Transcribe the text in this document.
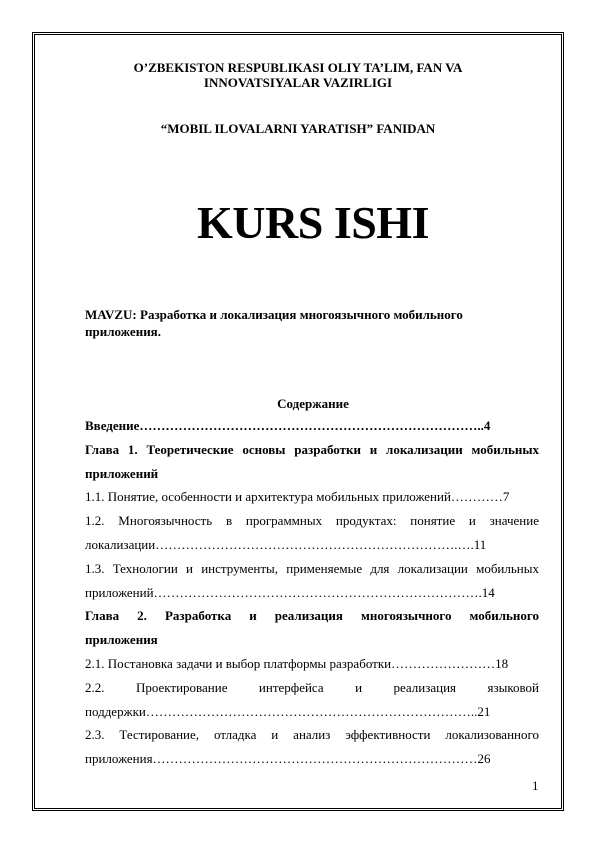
O’ZBEKISTON RESPUBLIKASI OLIY TA’LIM, FAN VA
INNOVATSIYALAR VAZIRLIGI
“MOBIL ILOVALARNI YARATISH” FANIDAN
KURS ISHI
MAVZU: Разработка и локализация многоязычного мобильного
приложения.
Содержание
Введение……………………………………………………………………..4
Глава 1. Теоретические основы разработки и локализации мобильных
приложений
1.1. Понятие, особенности и архитектура мобильных приложений…………7
1.2. Многоязычность в программных продуктах: понятие и значение
локализации…………………………………………………………….….11
1.3. Технологии и инструменты, применяемые для локализации мобильных
приложений………………………………………………………………….14
Глава 2. Разработка и реализация многоязычного мобильного
приложения
2.1. Постановка задачи и выбор платформы разработки……………………18
2.2. Проектирование интерфейса и реализация языковой
поддержки…………………………………………………………………..21
2.3. Тестирование, отладка и анализ эффективности локализованного
приложения…………………………………………………………………26
1
